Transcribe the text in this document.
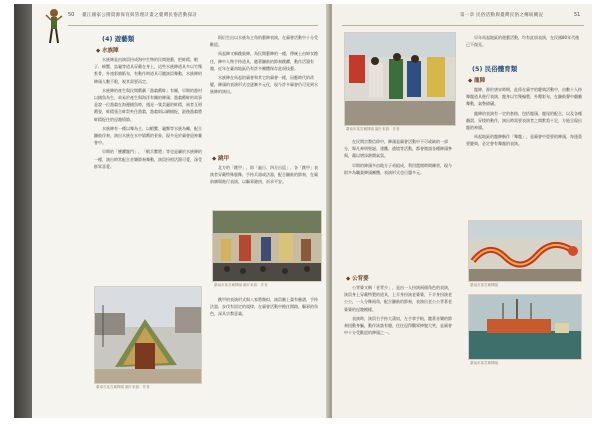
50 臺江國家公園資源保育與管理計畫之臺灣民俗活動探討
(4) 遊藝類
◆ 水族陣

水族陣是由演員扮成海中生物的民間遊藝，把蚌精、蝦子、螃蟹、烏龜等道具穿戴在身上，這些水族陣道具多以竹篾紮骨、外裱彩繪紙布，有動作時道具可隨演員舞動，水族陣的陣頭人數不限，視其需要而定。

水族陣的產生與民間戲劇「漁翁戲蚌」有關，早期的漁村以捕魚為生，故易於產生與海洋有關的陣頭；漁翁戲蚌的故事是說一位漁翁在海邊捕魚時，遇見一隻美麗的蚌精，兩者互相戲耍，蚌精張合蚌殼夾住漁翁，漁翁則以網捕捉，最後漁翁將蚌精捉住的逗趣情節。

水族陣有一種以舞為主，以蝦蟹、龜鱉等水族為輔，配合鑼鼓伴奏，演出水族在水中嬉戲的景象，現多見於廟會迎神賽會中。

早期的「鯉躍龍門」、「蝦兵蟹將」等也是屬於水族陣的一種，演出時常配合音樂節奏舞動，演員扮相活潑可愛，深受群眾喜愛。

臺南市某宮廟陣頭 圖片來源：作者

則衍生出以水族為主角的藝陣表演，在廟會活動中十分受歡迎。

馬起陣又稱跳鼓陣，為民間藝陣的一種，傳統上由婦女擔任，陣中人物手持道具，隨著鑼鼓的節奏跳躍，動作活潑有趣，近年在臺南地區仍有許多團體保存此項技藝。

水族陣在馬起的廟會和其它的廟會一樣，因應時代的改變，陣頭的表演形式也逐漸多元化，現今許多廟會仍可見到水族陣的演出。

◆ 跳甲

北方的「跳甲」，即「遍日、四方出巡」，各「跳甲」表演者穿戴特殊服飾，手持兵器或法器，配合鑼鼓的節奏，在廟前廣場進行表演，以驅邪避凶、祈求平安。

臺南市某宮廟陣頭 圖片來源：作者

跳甲的表演形式與八家將類似，演員臉上畫有臉譜，手持法器，步伐有固定的規律，在廟會活動中擔任開路、驅邪的角色，深具宗教意義。

第一章 民俗活動與臺灣民俗之傳統概況	51
臺南市某宮廟陣頭 圖片來源：作者

在民間宗教信仰中，陣頭是廟會活動中不可或缺的一部分，舉凡神明聖誕、建醮、遶境等活動，都會邀請各種陣頭參與，藉以增添熱鬧氣氛。

早期的陣頭多由地方子弟組成，利用農閒時間練習，現今則多為職業陣頭團體，表演形式也日趨多元。

◆ 公背婆

公背婆又稱「老背少」，是由一人扮演兩個角色的表演，演員身上穿戴特製的道具，上半身扮演老婆婆，下半身扮演老公公，一人分飾兩角，配合鑼鼓的節奏，表演出老公公背著老婆婆的逗趣模樣。

表演時，演員右手持大蒲扇，左手拿手帕，隨著音樂的節奏扭動身軀，動作詼諧有趣，往往逗得觀眾捧腹大笑，是廟會中十分受歡迎的陣頭之一。

早年馬起地區的遊藝活動，均有此項表演，在民國80年代後已不復見。

(5) 民俗體育類
◆ 龍陣

龍陣，源於唐宋時期，此係在廟宇的慶典活動中，由數十人持舞龍道具進行表演，龍身以竹篾編製，外覆彩布，在鑼鼓聲中翻騰舞動，氣勢磅礴。

龍陣的表演有一定的套路，包括龍頭、龍尾的配合，以及各種翻滾、穿梭的動作，演出時需要表演者之間默契十足，方能呈現出龍的神韻。

馬起地區的龍陣稱作「舞龍」，是廟會中重要的陣頭，每逢重要慶典，必定會有舞龍的表演。

臺南市某宮廟陣頭
臺南市某宮廟陣頭
